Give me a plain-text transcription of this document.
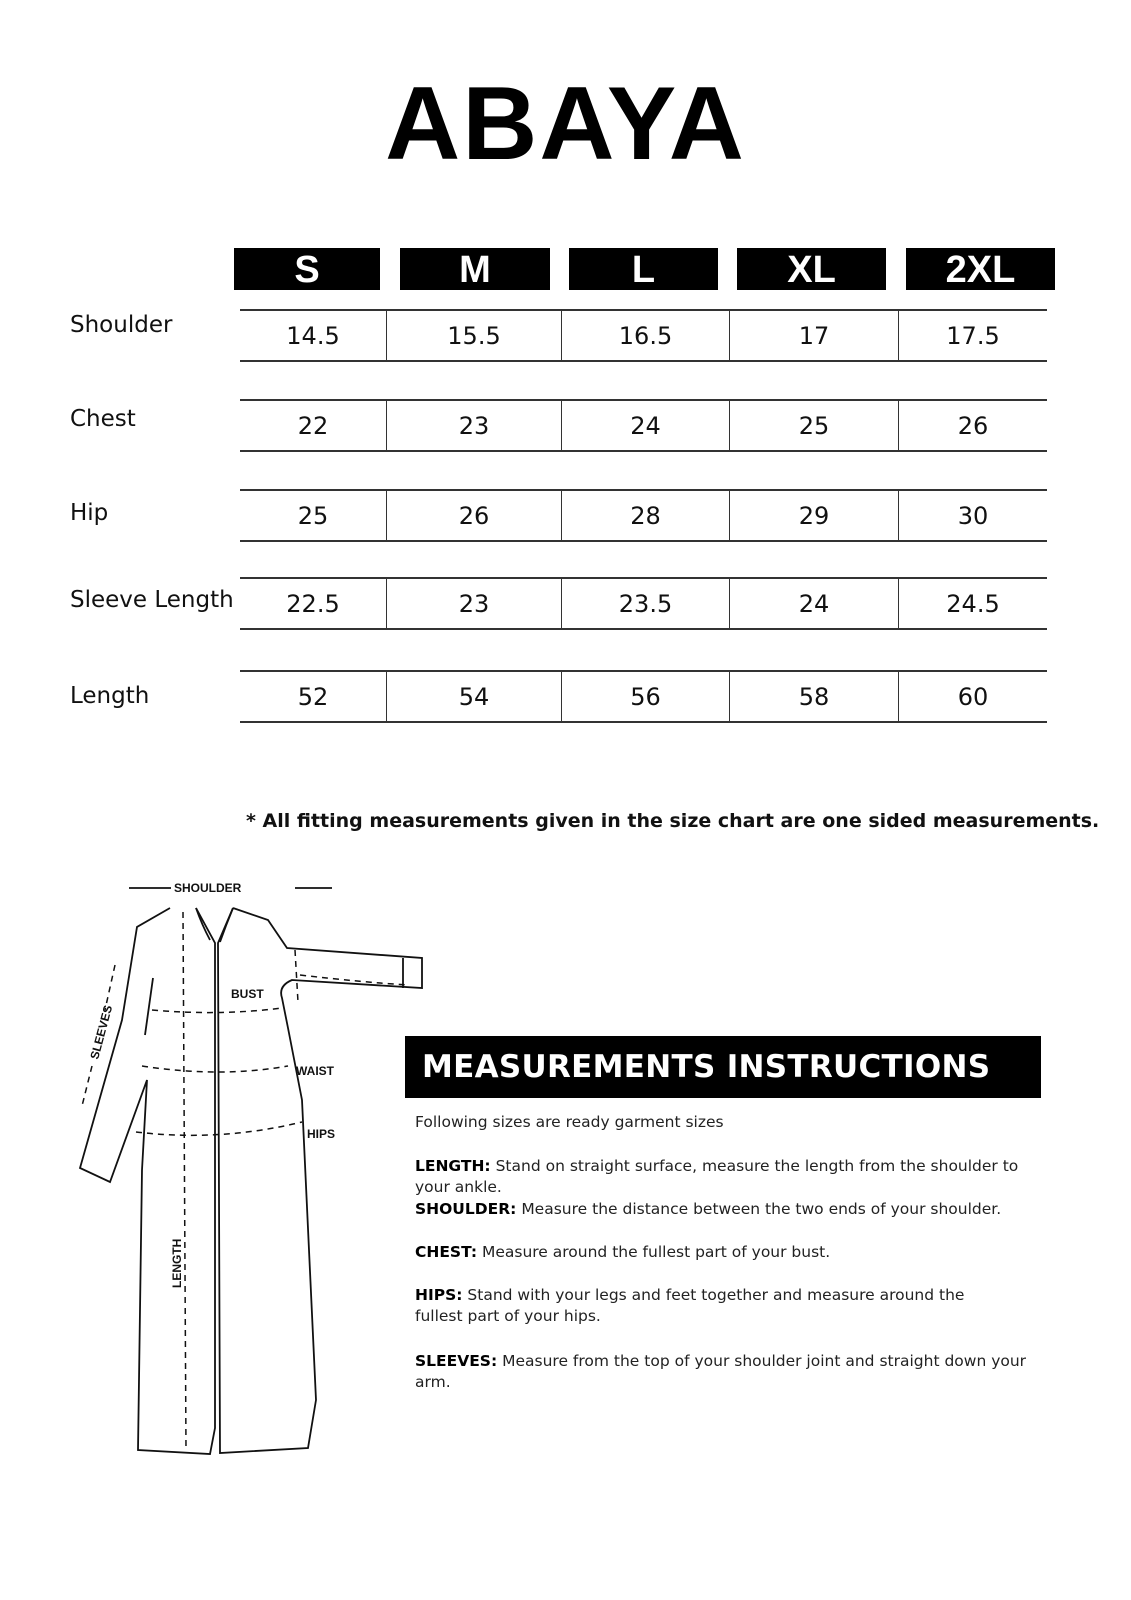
ABAYA
S	M	L	XL	2XL
Shoulder	14.5	15.5	16.5	17	17.5
Chest	22	23	24	25	26
Hip	25	26	28	29	30
Sleeve Length	22.5	23	23.5	24	24.5
Length	52	54	56	58	60
* All fitting measurements given in the size chart are one sided measurements.
SHOULDER
SLEEVES
BUST
WAIST
HIPS
LENGTH
MEASUREMENTS INSTRUCTIONS
Following sizes are ready garment sizes
LENGTH: Stand on straight surface, measure the length from the shoulder to your ankle.
SHOULDER: Measure the distance between the two ends of your shoulder.
CHEST: Measure around the fullest part of your bust.
HIPS: Stand with your legs and feet together and measure around the fullest part of your hips.
SLEEVES: Measure from the top of your shoulder joint and straight down your arm.
